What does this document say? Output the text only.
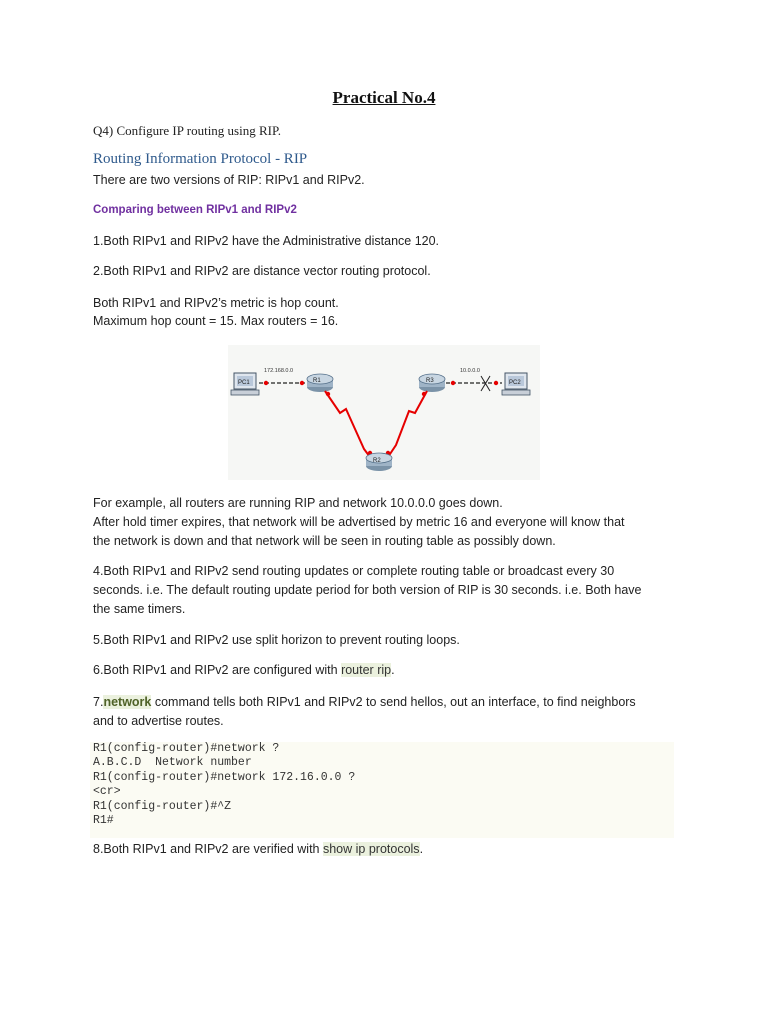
Practical No.4
Q4) Configure IP routing using RIP.
Routing Information Protocol - RIP
There are two versions of RIP: RIPv1 and RIPv2.
Comparing between RIPv1 and RIPv2
1.Both RIPv1 and RIPv2 have the Administrative distance 120.
2.Both RIPv1 and RIPv2 are distance vector routing protocol.
Both RIPv1 and RIPv2’s metric is hop count.
Maximum hop count = 15. Max routers = 16.
PC1
172.168.0.0
R1	R3
10.0.0.0
PC2
R2
For example, all routers are running RIP and network 10.0.0.0 goes down.
After hold timer expires, that network will be advertised by metric 16 and everyone will know that
the network is down and that network will be seen in routing table as possibly down.
4.Both RIPv1 and RIPv2 send routing updates or complete routing table or broadcast every 30
seconds. i.e. The default routing update period for both version of RIP is 30 seconds. i.e. Both have
the same timers.
5.Both RIPv1 and RIPv2 use split horizon to prevent routing loops.
6.Both RIPv1 and RIPv2 are configured with router rip.
7.network command tells both RIPv1 and RIPv2 to send hellos, out an interface, to find neighbors
and to advertise routes.
R1(config-router)#network ?
A.B.C.D  Network number
R1(config-router)#network 172.16.0.0 ?
<cr>
R1(config-router)#^Z
R1#
8.Both RIPv1 and RIPv2 are verified with show ip protocols.
